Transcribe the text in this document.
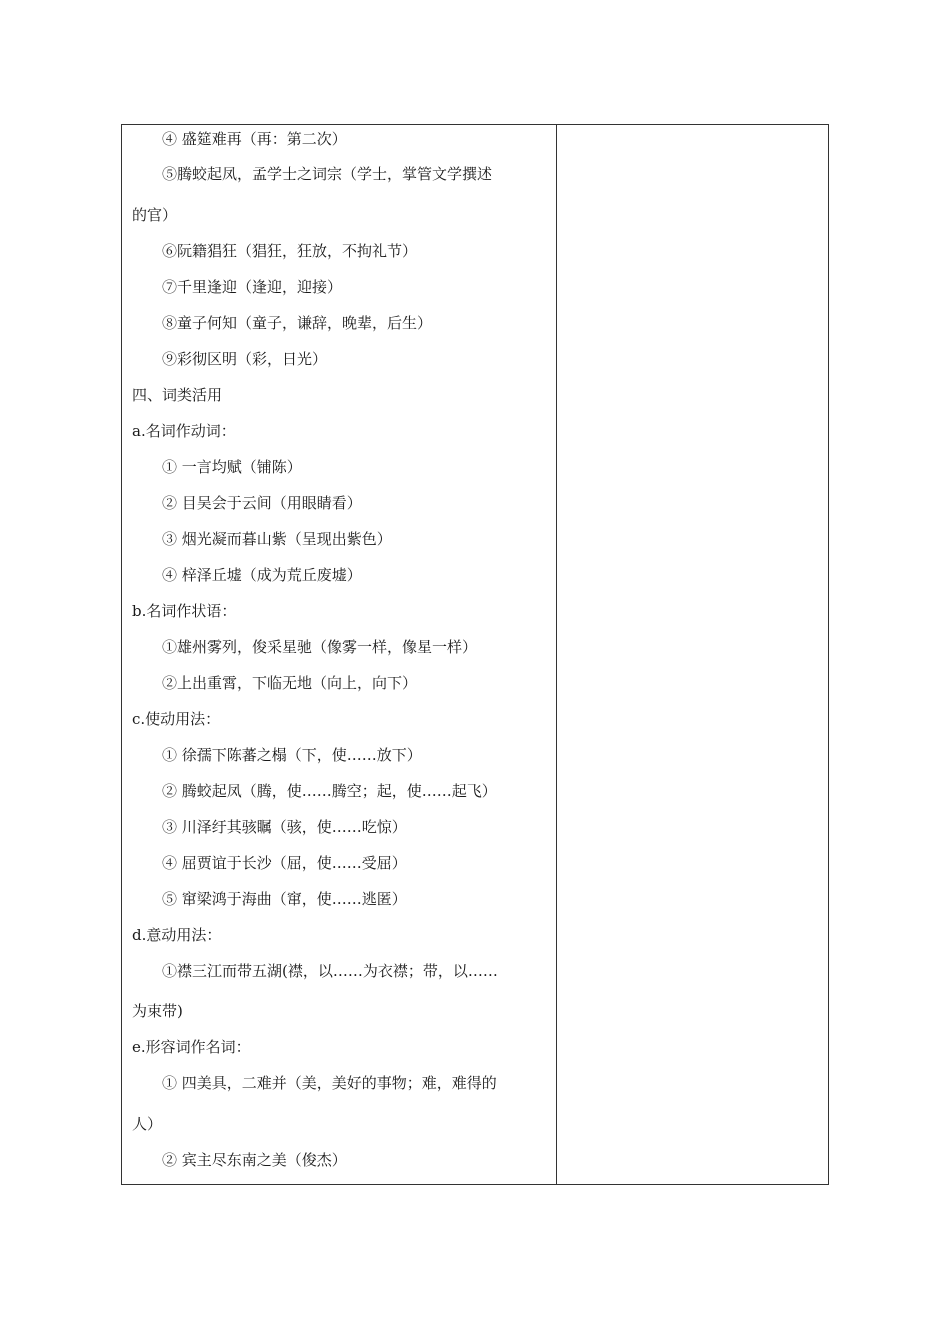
④ 盛筵难再（再：第二次）
⑤腾蛟起凤，孟学士之词宗（学士，掌管文学撰述
的官）
⑥阮籍猖狂（猖狂，狂放，不拘礼节）
⑦千里逢迎（逢迎，迎接）
⑧童子何知（童子，谦辞，晚辈，后生）
⑨彩彻区明（彩，日光）
四、词类活用
a.名词作动词：
① 一言均赋（铺陈）
② 目吴会于云间（用眼睛看）
③ 烟光凝而暮山紫（呈现出紫色）
④ 梓泽丘墟（成为荒丘废墟）
b.名词作状语：
①雄州雾列，俊采星驰（像雾一样，像星一样）
②上出重霄，下临无地（向上，向下）
c.使动用法：
① 徐孺下陈蕃之榻（下，使……放下）
② 腾蛟起凤（腾，使……腾空；起，使……起飞）
③ 川泽纡其骇瞩（骇，使……吃惊）
④ 屈贾谊于长沙（屈，使……受屈）
⑤ 窜梁鸿于海曲（窜，使……逃匿）
d.意动用法：
①襟三江而带五湖(襟，以……为衣襟；带，以……
为束带)
e.形容词作名词：
① 四美具，二难并（美，美好的事物；难，难得的
人）
② 宾主尽东南之美（俊杰）
